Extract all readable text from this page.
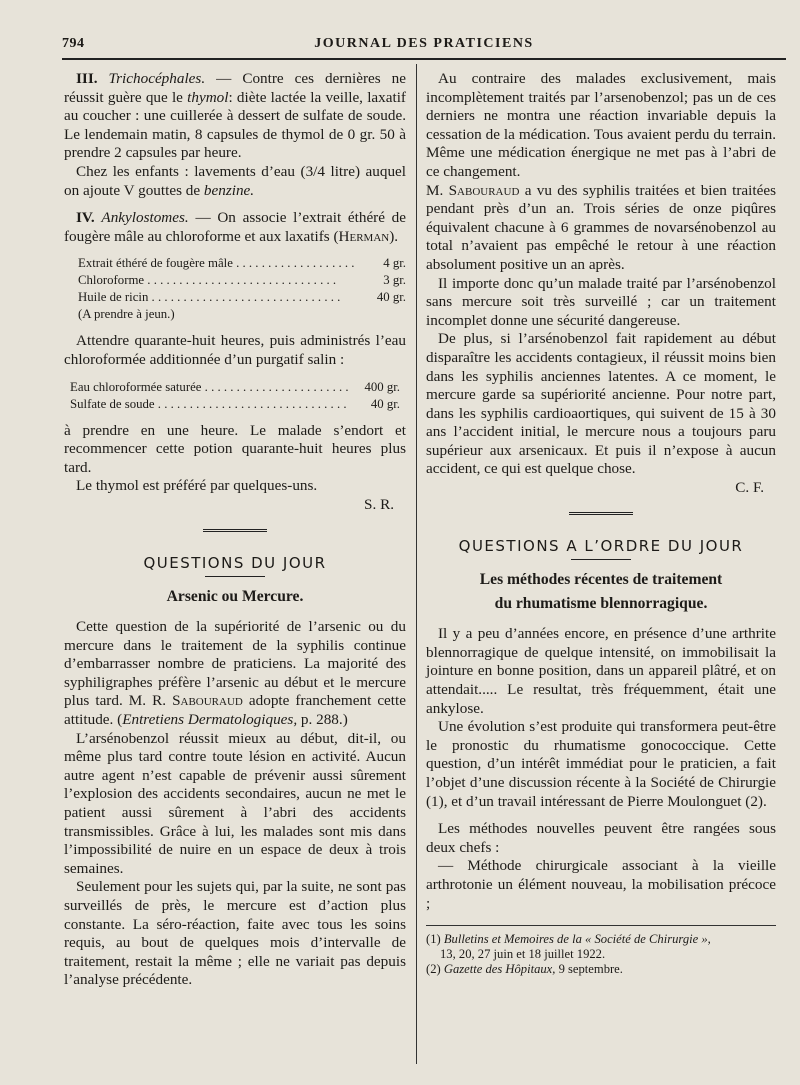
794	JOURNAL DES PRATICIENS

III. Trichocéphales. — Contre ces dernières ne réussit guère que le thymol: diète lactée la veille, laxatif au coucher : une cuillerée à dessert de sulfate de soude. Le lendemain matin, 8 capsules de thymol de 0 gr. 50 à prendre 2 capsules par heure.

Chez les enfants : lavements d’eau (3/4 litre) auquel on ajoute V gouttes de benzine.

IV. Ankylostomes. — On associe l’extrait éthéré de fougère mâle au chloroforme et aux laxatifs (Herman).

Extrait éthéré de fougère mâle . . .	4 gr.
Chloroforme . . .	3 gr.
Huile de ricin . . .	40 gr.
(A prendre à jeun.)

Attendre quarante-huit heures, puis administrés l’eau chloroformée additionnée d’un purgatif salin :

Eau chloroformée saturée . . .	400 gr.
Sulfate de soude . . .	40 gr.

à prendre en une heure. Le malade s’endort et recommencer cette potion quarante-huit heures plus tard.

Le thymol est préféré par quelques-uns.

S. R.

QUESTIONS DU JOUR
Arsenic ou Mercure.

Cette question de la supériorité de l’arsenic ou du mercure dans le traitement de la syphilis continue d’embarrasser nombre de praticiens. La majorité des syphiligraphes préfère l’arsenic au début et le mercure plus tard. M. R. Sabouraud adopte franchement cette attitude. (Entretiens Dermatologiques, p. 288.)

L’arsénobenzol réussit mieux au début, dit-il, ou même plus tard contre toute lésion en activité. Aucun autre agent n’est capable de prévenir aussi sûrement l’explosion des accidents secondaires, aucun ne met le patient aussi sûrement à l’abri des accidents transmissibles. Grâce à lui, les malades sont mis dans l’impossibilité de nuire en un espace de deux à trois semaines.

Seulement pour les sujets qui, par la suite, ne sont pas surveillés de près, le mercure est d’action plus constante. La séro-réaction, faite avec tous les soins requis, au bout de quelques mois d’intervalle de traitement, restait la même ; elle ne variait pas depuis l’analyse précédente.

Au contraire des malades exclusivement, mais incomplètement traités par l’arsenobenzol; pas un de ces derniers ne montra une réaction invariable depuis la cessation de la médication. Tous avaient perdu du terrain. Même une médication énergique ne met pas à l’abri de ce changement.

M. Sabouraud a vu des syphilis traitées et bien traitées pendant près d’un an. Trois séries de onze piqûres équivalent chacune à 6 grammes de novarsénobenzol au total n’avaient pas empêché le retour à une réaction absolument positive un an après.

Il importe donc qu’un malade traité par l’arsénobenzol sans mercure soit très surveillé ; car un traitement incomplet donne une sécurité dangereuse.

De plus, si l’arsénobenzol fait rapidement au début disparaître les accidents contagieux, il réussit moins bien dans les syphilis anciennes latentes. A ce moment, le mercure garde sa supériorité ancienne. Pour notre part, dans les syphilis cardioaortiques, qui suivent de 15 à 30 ans l’accident initial, le mercure nous a toujours paru supérieur aux arsenicaux. Et puis il n’expose à aucun accident, ce qui est quelque chose.

C. F.

QUESTIONS A L’ORDRE DU JOUR
Les méthodes récentes de traitement
du rhumatisme blennorragique.

Il y a peu d’années encore, en présence d’une arthrite blennorragique de quelque intensité, on immobilisait la jointure en bonne position, dans un appareil plâtré, et on attendait..... Le resultat, très fréquemment, était une ankylose.

Une évolution s’est produite qui transformera peut-être le pronostic du rhumatisme gonococcique. Cette question, d’un intérêt immédiat pour le praticien, a fait l’objet d’une discussion récente à la Société de Chirurgie (1), et d’un travail intéressant de Pierre Moulonguet (2).

Les méthodes nouvelles peuvent être rangées sous deux chefs :

— Méthode chirurgicale associant à la vieille arthrotonie un élément nouveau, la mobilisation précoce ;

(1) Bulletins et Memoires de la « Société de Chirurgie »,
13, 20, 27 juin et 18 juillet 1922.
(2) Gazette des Hôpitaux, 9 septembre.
